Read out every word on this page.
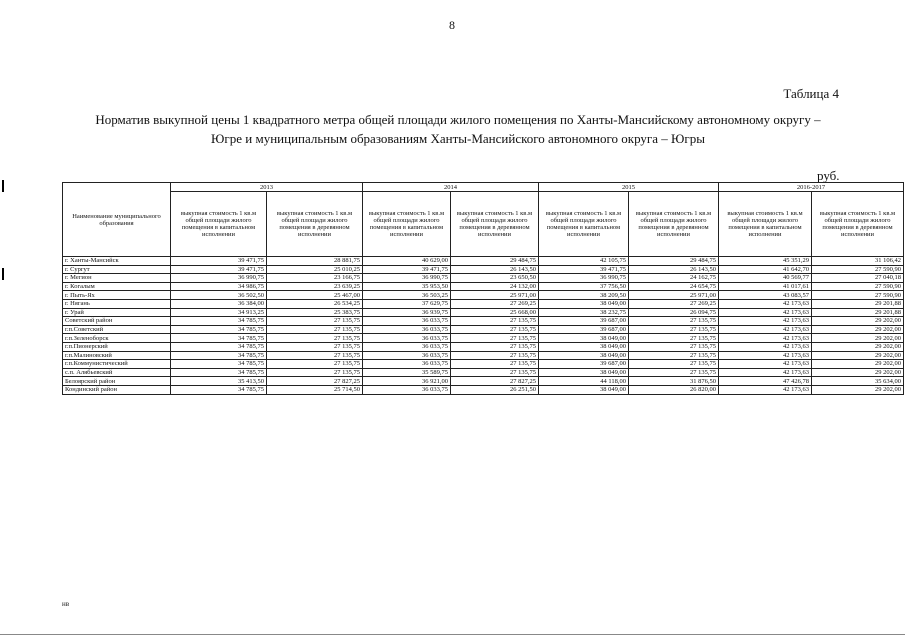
8
Таблица 4
Норматив выкупной цены 1 квадратного метра общей площади жилого помещения по Ханты-Мансийскому автономному округу – Югре и муниципальным образованиям Ханты-Мансийского автономного округа – Югры
руб.
Наименование муниципального образования	2013		2014		2015		2016-2017	
	выкупная стоимость 1 кв.м общей площади жилого помещения в капитальном исполнении	выкупная стоимость 1 кв.м общей площади жилого помещения в деревянном исполнении	выкупная стоимость 1 кв.м общей площади жилого помещения в капитальном исполнении	выкупная стоимость 1 кв.м общей площади жилого помещения в деревянном исполнении	выкупная стоимость 1 кв.м общей площади жилого помещения в капитальном исполнении	выкупная стоимость 1 кв.м общей площади жилого помещения в деревянном исполнении	выкупная стоимость 1 кв.м общей площади жилого помещения в капитальном исполнении	выкупная стоимость 1 кв.м общей площади жилого помещения в деревянном исполнении
г. Ханты-Мансийск	39 471,75	28 881,75	40 629,00	29 484,75	42 105,75	29 484,75	45 351,29	31 106,42
г. Сургут	39 471,75	25 010,25	39 471,75	26 143,50	39 471,75	26 143,50	41 642,70	27 590,90
г. Мегион	36 990,75	23 166,75	36 990,75	23 650,50	36 990,75	24 162,75	40 569,77	27 040,18
г. Когалым	34 986,75	23 639,25	35 953,50	24 132,00	37 756,50	24 654,75	41 017,61	27 590,90
г. Пыть-Ях	36 502,50	25 467,00	36 503,25	25 971,00	38 209,50	25 971,00	43 083,57	27 590,90
г. Нягань	36 384,00	26 534,25	37 629,75	27 269,25	38 049,00	27 269,25	42 173,63	29 201,88
г. Урай	34 913,25	25 383,75	36 939,75	25 668,00	38 232,75	26 094,75	42 173,63	29 201,88
Советский район	34 785,75	27 135,75	36 033,75	27 135,75	39 687,00	27 135,75	42 173,63	29 202,00
г.п.Советский	34 785,75	27 135,75	36 033,75	27 135,75	39 687,00	27 135,75	42 173,63	29 202,00
г.п.Зеленоборск	34 785,75	27 135,75	36 033,75	27 135,75	38 049,00	27 135,75	42 173,63	29 202,00
г.п.Пионерский	34 785,75	27 135,75	36 033,75	27 135,75	38 049,00	27 135,75	42 173,63	29 202,00
г.п.Малиновский	34 785,75	27 135,75	36 033,75	27 135,75	38 049,00	27 135,75	42 173,63	29 202,00
г.п.Коммунистический	34 785,75	27 135,75	36 033,75	27 135,75	39 687,00	27 135,75	42 173,63	29 202,00
с.п. Алябьевский	34 785,75	27 135,75	35 589,75	27 135,75	38 049,00	27 135,75	42 173,63	29 202,00
Белоярский район	35 413,50	27 827,25	36 921,00	27 827,25	44 118,00	31 876,50	47 426,78	35 634,00
Кондинский район	34 785,75	25 714,50	36 033,75	26 251,50	38 049,00	26 820,00	42 173,63	29 202,00
нв
